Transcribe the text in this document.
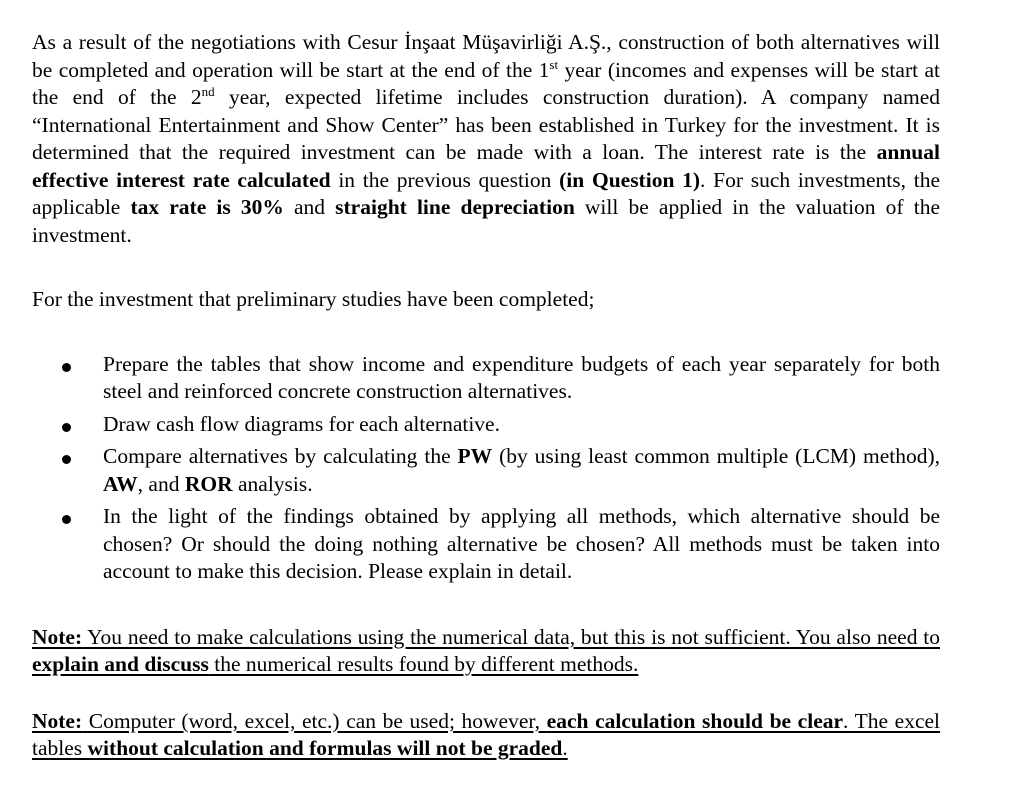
As a result of the negotiations with Cesur İnşaat Müşavirliği A.Ş., construction of both alternatives will be completed and operation will be start at the end of the 1st year (incomes and expenses will be start at the end of the 2nd year, expected lifetime includes construction duration). A company named “International Entertainment and Show Center” has been established in Turkey for the investment. It is determined that the required investment can be made with a loan. The interest rate is the annual effective interest rate calculated in the previous question (in Question 1). For such investments, the applicable tax rate is 30% and straight line depreciation will be applied in the valuation of the investment.

For the investment that preliminary studies have been completed;

Prepare the tables that show income and expenditure budgets of each year separately for both steel and reinforced concrete construction alternatives.
Draw cash flow diagrams for each alternative.
Compare alternatives by calculating the PW (by using least common multiple (LCM) method), AW, and ROR analysis.
In the light of the findings obtained by applying all methods, which alternative should be chosen? Or should the doing nothing alternative be chosen? All methods must be taken into account to make this decision. Please explain in detail.

Note: You need to make calculations using the numerical data, but this is not sufficient. You also need to explain and discuss the numerical results found by different methods.

Note: Computer (word, excel, etc.) can be used; however, each calculation should be clear. The excel tables without calculation and formulas will not be graded.
